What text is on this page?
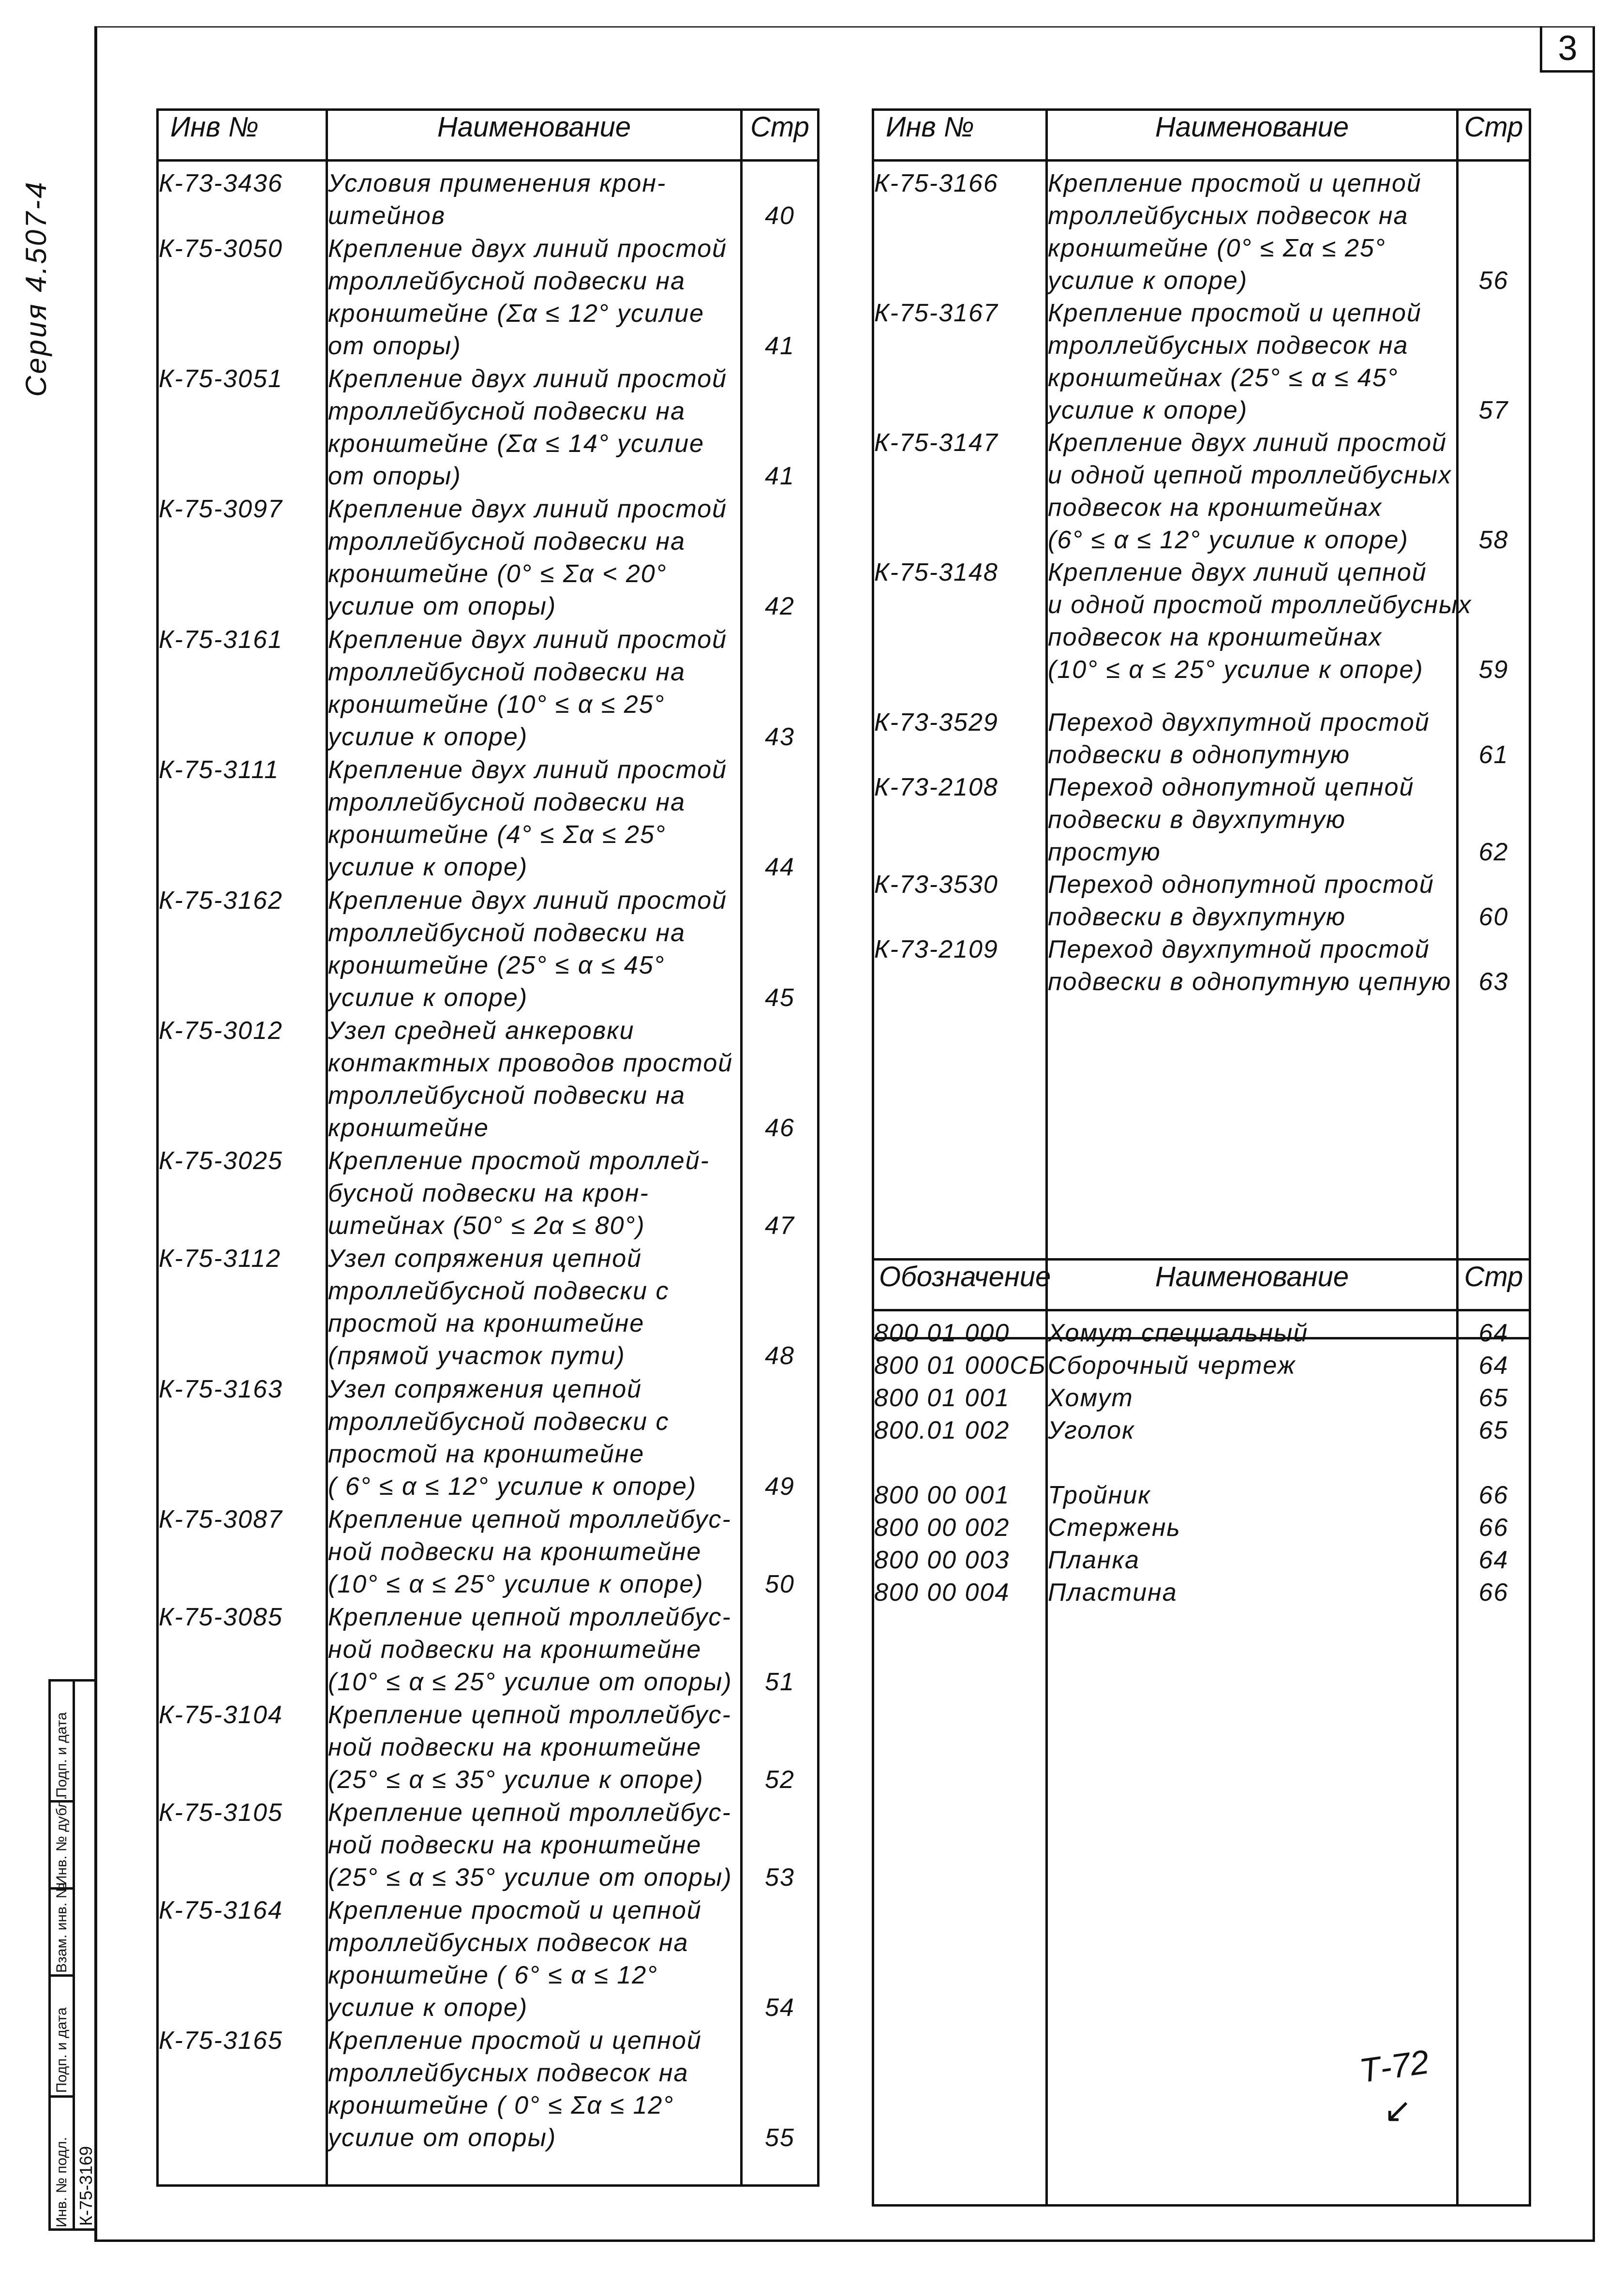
3
Серия 4.507-4
Инв №	Наименование	Стр

К-73-3436	Условия применения крон-
штейнов	40

К-75-3050	Крепление двух линий простой
троллейбусной подвески на
кронштейне (Σα ≤ 12° усилие
от опоры)	41

К-75-3051	Крепление двух линий простой
троллейбусной подвески на
кронштейне (Σα ≤ 14° усилие
от опоры)	41

К-75-3097	Крепление двух линий простой
троллейбусной подвески на
кронштейне (0° ≤ Σα < 20°
усилие от опоры)	42

К-75-3161	Крепление двух линий простой
троллейбусной подвески на
кронштейне (10° ≤ α ≤ 25°
усилие к опоре)	43

К-75-3111	Крепление двух линий простой
троллейбусной подвески на
кронштейне (4° ≤ Σα ≤ 25°
усилие к опоре)	44

К-75-3162	Крепление двух линий простой
троллейбусной подвески на
кронштейне (25° ≤ α ≤ 45°
усилие к опоре)	45

К-75-3012	Узел средней анкеровки
контактных проводов простой
троллейбусной подвески на
кронштейне	46

К-75-3025	Крепление простой троллей-
бусной подвески на крон-
штейнах (50° ≤ 2α ≤ 80°)	47

К-75-3112	Узел сопряжения цепной
троллейбусной подвески с
простой на кронштейне
(прямой участок пути)	48

К-75-3163	Узел сопряжения цепной
троллейбусной подвески с
простой на кронштейне
( 6° ≤ α ≤ 12° усилие к опоре)	49

К-75-3087	Крепление цепной троллейбус-
ной подвески на кронштейне
(10° ≤ α ≤ 25° усилие к опоре)	50

К-75-3085	Крепление цепной троллейбус-
ной подвески на кронштейне
(10° ≤ α ≤ 25° усилие от опоры)	51

К-75-3104	Крепление цепной троллейбус-
ной подвески на кронштейне
(25° ≤ α ≤ 35° усилие к опоре)	52

К-75-3105	Крепление цепной троллейбус-
ной подвески на кронштейне
(25° ≤ α ≤ 35° усилие от опоры)	53

К-75-3164	Крепление простой и цепной
троллейбусных подвесок на
кронштейне ( 6° ≤ α ≤ 12°
усилие к опоре)	54

К-75-3165	Крепление простой и цепной
троллейбусных подвесок на
кронштейне ( 0° ≤ Σα ≤ 12°
усилие от опоры)	55

Инв №	Наименование	Стр

К-75-3166	Крепление простой и цепной
троллейбусных подвесок на
кронштейне (0° ≤ Σα ≤ 25°
усилие к опоре)	56

К-75-3167	Крепление простой и цепной
троллейбусных подвесок на
кронштейнах (25° ≤ α ≤ 45°
усилие к опоре)	57

К-75-3147	Крепление двух линий простой
и одной цепной троллейбусных
подвесок на кронштейнах
(6° ≤ α ≤ 12° усилие к опоре)	58

К-75-3148	Крепление двух линий цепной
и одной простой троллейбусных
подвесок на кронштейнах
(10° ≤ α ≤ 25° усилие к опоре)	59

К-73-3529	Переход двухпутной простой
подвески в однопутную	61

К-73-2108	Переход однопутной цепной
подвески в двухпутную
простую	62

К-73-3530	Переход однопутной простой
подвески в двухпутную	60

К-73-2109	Переход двухпутной простой
подвески в однопутную цепную	63

Обозначение	Наименование	Стр

800 01 000	Хомут специальный	64

800 01 000СБ	Сборочный чертеж	64

800 01 001	Хомут	65

800.01 002	Уголок	65

800 00 001	Тройник	66

800 00 002	Стержень	66

800 00 003	Планка	64

800 00 004	Пластина	66

Подп. и дата
Инв. № дубл.
Взам. инв. №
Подп. и дата
Инв. № подл. К-75-3169
Т-72
↙
